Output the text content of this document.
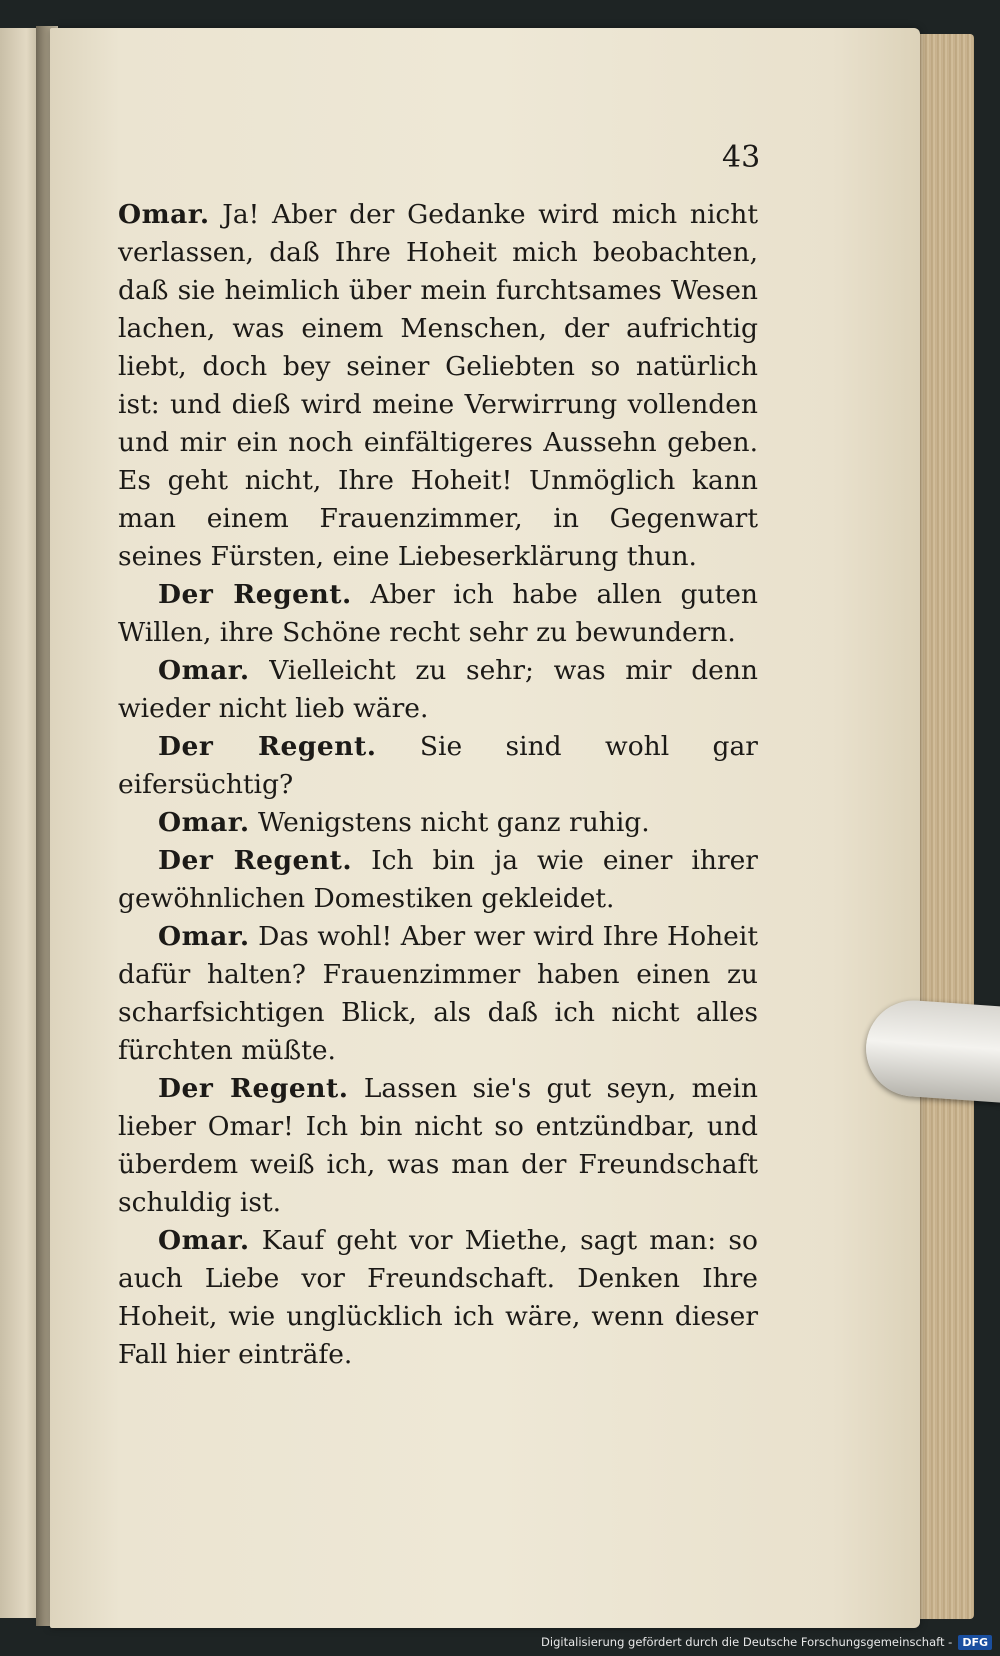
43

Omar. Ja! Aber der Gedanke wird mich nicht verlassen, daß Ihre Hoheit mich beobachten, daß sie heimlich über mein furchtsames Wesen lachen, was einem Menschen, der aufrichtig liebt, doch bey seiner Geliebten so natürlich ist: und dieß wird meine Verwirrung vollenden und mir ein noch einfältigeres Aussehn geben. Es geht nicht, Ihre Hoheit! Unmöglich kann man einem Frauenzimmer, in Gegenwart seines Fürsten, eine Liebeserklärung thun.

Der Regent. Aber ich habe allen guten Willen, ihre Schöne recht sehr zu bewundern.

Omar. Vielleicht zu sehr; was mir denn wieder nicht lieb wäre.

Der Regent. Sie sind wohl gar eifersüchtig?

Omar. Wenigstens nicht ganz ruhig.

Der Regent. Ich bin ja wie einer ihrer gewöhnlichen Domestiken gekleidet.

Omar. Das wohl! Aber wer wird Ihre Hoheit dafür halten? Frauenzimmer haben einen zu scharfsichtigen Blick, als daß ich nicht alles fürchten müßte.

Der Regent. Lassen sie's gut seyn, mein lieber Omar! Ich bin nicht so entzündbar, und überdem weiß ich, was man der Freundschaft schuldig ist.

Omar. Kauf geht vor Miethe, sagt man: so auch Liebe vor Freundschaft. Denken Ihre Hoheit, wie unglücklich ich wäre, wenn dieser Fall hier einträfe.

Digitalisierung gefördert durch die Deutsche Forschungsgemeinschaft - DFG
